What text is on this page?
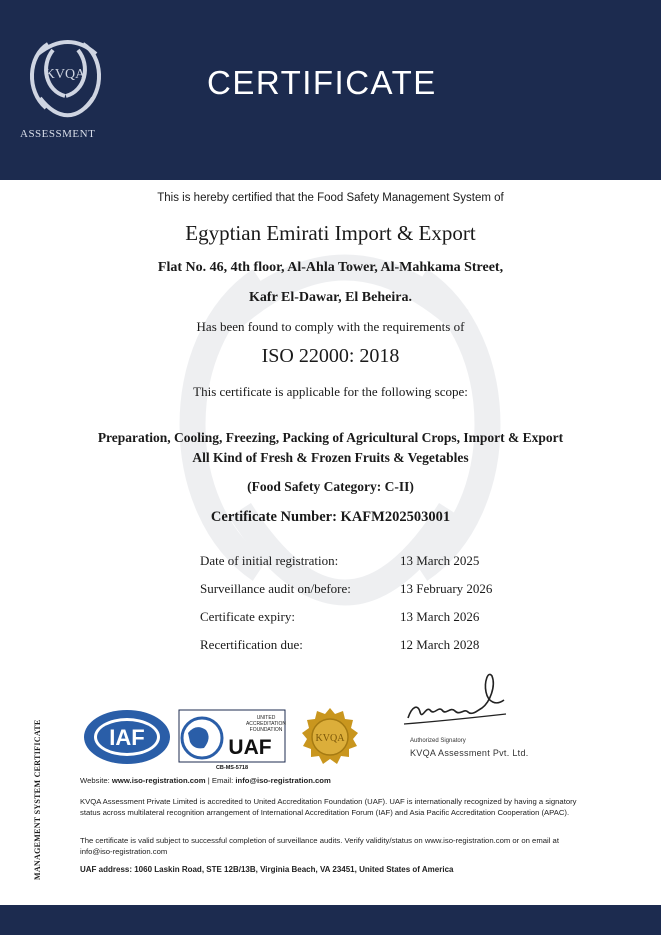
KVQA
ASSESSMENT
CERTIFICATE
This is hereby certified that the Food Safety Management System of
Egyptian Emirati Import & Export
Flat No. 46, 4th floor, Al-Ahla Tower, Al-Mahkama Street,
Kafr El-Dawar, El Beheira.
Has been found to comply with the requirements of
ISO 22000: 2018
This certificate is applicable for the following scope:
Preparation, Cooling, Freezing, Packing of Agricultural Crops, Import & Export
All Kind of Fresh & Frozen Fruits & Vegetables
(Food Safety Category: C-II)
Certificate Number: KAFM202503001
Date of initial registration:	13 March 2025
Surveillance audit on/before:	13 February 2026
Certificate expiry:	13 March 2026
Recertification due:	12 March 2028
IAF
UNITED
ACCREDITATION
FOUNDATION
UAF
CB-MS-5718
KVQA	Authorized Signatory
KVQA Assessment Pvt. Ltd.
MANAGEMENT SYSTEM CERTIFICATE	Website: www.iso-registration.com | Email: info@iso-registration.com
KVQA Assessment Private Limited is accredited to United Accreditation Foundation (UAF). UAF is internationally recognized by having a signatory status across multilateral recognition arrangement of International Accreditation Forum (IAF) and Asia Pacific Accreditation Cooperation (APAC).
The certificate is valid subject to successful completion of surveillance audits. Verify validity/status on www.iso-registration.com or on email at info@iso-registration.com
UAF address: 1060 Laskin Road, STE 12B/13B, Virginia Beach, VA 23451, United States of America
